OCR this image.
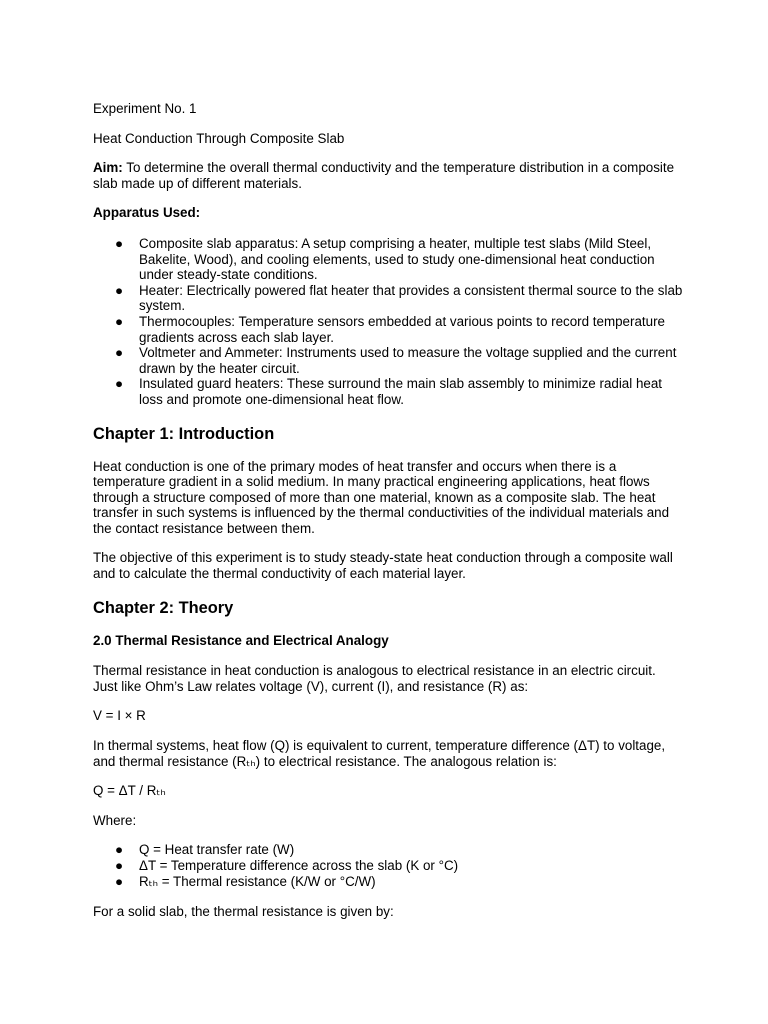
Experiment No. 1

Heat Conduction Through Composite Slab

Aim: To determine the overall thermal conductivity and the temperature distribution in a composite slab made up of different materials.

Apparatus Used:

● Composite slab apparatus: A setup comprising a heater, multiple test slabs (Mild Steel, Bakelite, Wood), and cooling elements, used to study one-dimensional heat conduction under steady-state conditions.
● Heater: Electrically powered flat heater that provides a consistent thermal source to the slab system.
● Thermocouples: Temperature sensors embedded at various points to record temperature gradients across each slab layer.
● Voltmeter and Ammeter: Instruments used to measure the voltage supplied and the current drawn by the heater circuit.
● Insulated guard heaters: These surround the main slab assembly to minimize radial heat loss and promote one-dimensional heat flow.
Chapter 1: Introduction

Heat conduction is one of the primary modes of heat transfer and occurs when there is a temperature gradient in a solid medium. In many practical engineering applications, heat flows through a structure composed of more than one material, known as a composite slab. The heat transfer in such systems is influenced by the thermal conductivities of the individual materials and the contact resistance between them.

The objective of this experiment is to study steady-state heat conduction through a composite wall and to calculate the thermal conductivity of each material layer.

Chapter 2: Theory
2.0 Thermal Resistance and Electrical Analogy

Thermal resistance in heat conduction is analogous to electrical resistance in an electric circuit. Just like Ohm’s Law relates voltage (V), current (I), and resistance (R) as:

V = I × R

In thermal systems, heat flow (Q) is equivalent to current, temperature difference (ΔT) to voltage, and thermal resistance (Rₜₕ) to electrical resistance. The analogous relation is:

Q = ΔT / Rₜₕ

Where:

● Q = Heat transfer rate (W)
● ΔT = Temperature difference across the slab (K or °C)
● Rₜₕ = Thermal resistance (K/W or °C/W)

For a solid slab, the thermal resistance is given by:
